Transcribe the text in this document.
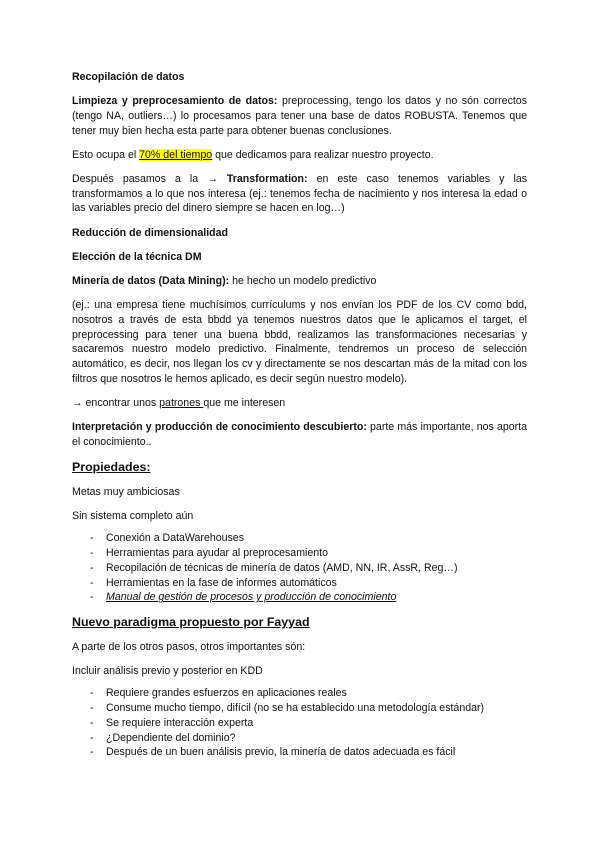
Recopilación de datos

Limpieza y preprocesamiento de datos: preprocessing, tengo los datos y no són correctos (tengo NA, outliers…) lo procesamos para tener una base de datos ROBUSTA. Tenemos que tener muy bien hecha esta parte para obtener buenas conclusiones.

Esto ocupa el 70% del tiempo que dedicamos para realizar nuestro proyecto.

Después pasamos a la → Transformation: en este caso tenemos variables y las transformamos a lo que nos interesa (ej.: tenemos fecha de nacimiento y nos interesa la edad o las variables precio del dinero siempre se hacen en log…)

Reducción de dimensionalidad

Elección de la técnica DM

Minería de datos (Data Mining): he hecho un modelo predictivo

(ej.: una empresa tiene muchísimos currículums y nos envían los PDF de los CV como bdd, nosotros a través de esta bbdd ya tenemos nuestros datos que le aplicamos el target, el preprocessing para tener una buena bbdd, realizamos las transformaciones necesarias y sacaremos nuestro modelo predictivo. Finalmente, tendremos un proceso de selección automático, es decir, nos llegan los cv y directamente se nos descartan más de la mitad con los filtros que nosotros le hemos aplicado, es decir según nuestro modelo).

→ encontrar unos patrones que me interesen

Interpretación y producción de conocimiento descubierto: parte más importante, nos aporta el conocimiento..

Propiedades:

Metas muy ambiciosas

Sin sistema completo aún

- Conexión a DataWarehouses
- Herramientas para ayudar al preprocesamiento
- Recopilación de técnicas de minería de datos (AMD, NN, IR, AssR, Reg…)
- Herramientas en la fase de informes automáticos
- Manual de gestión de procesos y producción de conocimiento
Nuevo paradigma propuesto por Fayyad

A parte de los otros pasos, otros importantes són:

Incluir análisis previo y posterior en KDD

- Requiere grandes esfuerzos en aplicaciones reales
- Consume mucho tiempo, difícil (no se ha establecido una metodología estándar)
- Se requiere interacción experta
- ¿Dependiente del dominio?
- Después de un buen análisis previo, la minería de datos adecuada es fácil
